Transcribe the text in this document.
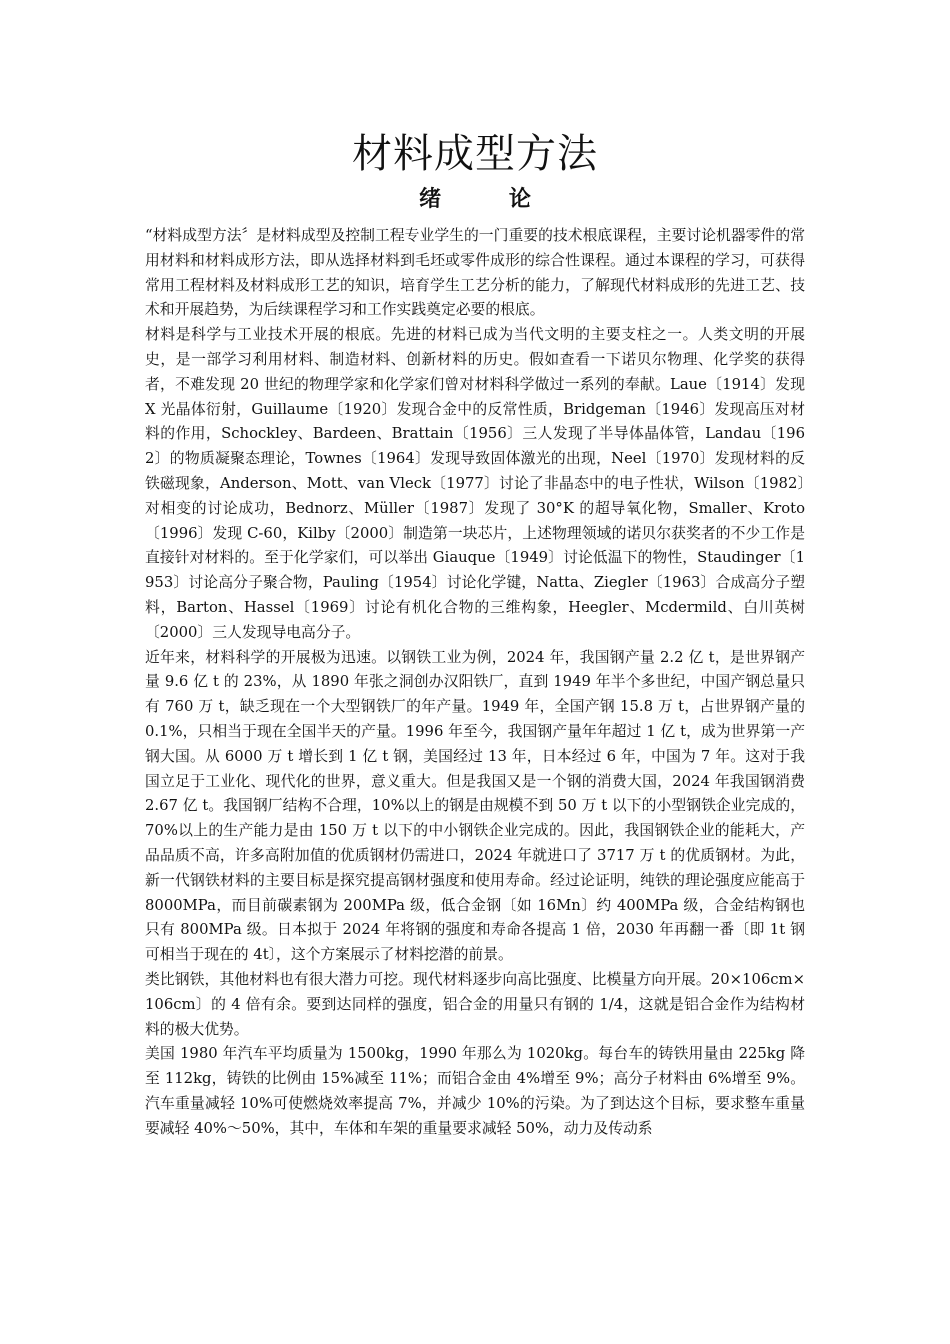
材料成型方法
绪 论

“材料成型方法〞是材料成型及控制工程专业学生的一门重要的技术根底课程，主要讨论机器零件的常用材料和材料成形方法，即从选择材料到毛坯或零件成形的综合性课程。通过本课程的学习，可获得常用工程材料及材料成形工艺的知识，培育学生工艺分析的能力，了解现代材料成形的先进工艺、技术和开展趋势，为后续课程学习和工作实践奠定必要的根底。

材料是科学与工业技术开展的根底。先进的材料已成为当代文明的主要支柱之一。人类文明的开展史，是一部学习利用材料、制造材料、创新材料的历史。假如查看一下诺贝尔物理、化学奖的获得者，不难发现 20 世纪的物理学家和化学家们曾对材料科学做过一系列的奉献。Laue〔1914〕发现 X 光晶体衍射，Guillaume〔1920〕发现合金中的反常性质，Bridgeman〔1946〕发现高压对材料的作用，Schockley、Bardeen、Brattain〔1956〕三人发现了半导体晶体管，Landau〔1962〕的物质凝聚态理论，Townes〔1964〕发现导致固体激光的出现，Neel〔1970〕发现材料的反铁磁现象，Anderson、Mott、van Vleck〔1977〕讨论了非晶态中的电子性状，Wilson〔1982〕对相变的讨论成功，Bednorz、Müller〔1987〕发现了 30°K 的超导氧化物，Smaller、Kroto〔1996〕发现 C-60，Kilby〔2000〕制造第一块芯片，上述物理领域的诺贝尔获奖者的不少工作是直接针对材料的。至于化学家们，可以举出 Giauque〔1949〕讨论低温下的物性，Staudinger〔1953〕讨论高分子聚合物，Pauling〔1954〕讨论化学键，Natta、Ziegler〔1963〕合成高分子塑料，Barton、Hassel〔1969〕讨论有机化合物的三维构象，Heegler、Mcdermild、白川英树〔2000〕三人发现导电高分子。

近年来，材料科学的开展极为迅速。以钢铁工业为例，2024 年，我国钢产量 2.2 亿 t，是世界钢产量 9.6 亿 t 的 23%，从 1890 年张之洞创办汉阳铁厂，直到 1949 年半个多世纪，中国产钢总量只有 760 万 t，缺乏现在一个大型钢铁厂的年产量。1949 年，全国产钢 15.8 万 t，占世界钢产量的 0.1%，只相当于现在全国半天的产量。1996 年至今，我国钢产量年年超过 1 亿 t，成为世界第一产钢大国。从 6000 万 t 增长到 1 亿 t 钢，美国经过 13 年，日本经过 6 年，中国为 7 年。这对于我国立足于工业化、现代化的世界，意义重大。但是我国又是一个钢的消费大国，2024 年我国钢消费 2.67 亿 t。我国钢厂结构不合理，10%以上的钢是由规模不到 50 万 t 以下的小型钢铁企业完成的，70%以上的生产能力是由 150 万 t 以下的中小钢铁企业完成的。因此，我国钢铁企业的能耗大，产品品质不高，许多高附加值的优质钢材仍需进口，2024 年就进口了 3717 万 t 的优质钢材。为此，新一代钢铁材料的主要目标是探究提高钢材强度和使用寿命。经过论证明，纯铁的理论强度应能高于 8000MPa，而目前碳素钢为 200MPa 级，低合金钢〔如 16Mn〕约 400MPa 级，合金结构钢也只有 800MPa 级。日本拟于 2024 年将钢的强度和寿命各提高 1 倍，2030 年再翻一番〔即 1t 钢可相当于现在的 4t〕，这个方案展示了材料挖潜的前景。

类比钢铁，其他材料也有很大潜力可挖。现代材料逐步向高比强度、比模量方向开展。20×106cm×106cm〕的 4 倍有余。要到达同样的强度，铝合金的用量只有钢的 1/4，这就是铝合金作为结构材料的极大优势。

美国 1980 年汽车平均质量为 1500kg，1990 年那么为 1020kg。每台车的铸铁用量由 225kg 降至 112kg，铸铁的比例由 15%减至 11%；而铝合金由 4%增至 9%；高分子材料由 6%增至 9%。汽车重量减轻 10%可使燃烧效率提高 7%，并减少 10%的污染。为了到达这个目标，要求整车重量要减轻 40%～50%，其中，车体和车架的重量要求减轻 50%，动力及传动系
